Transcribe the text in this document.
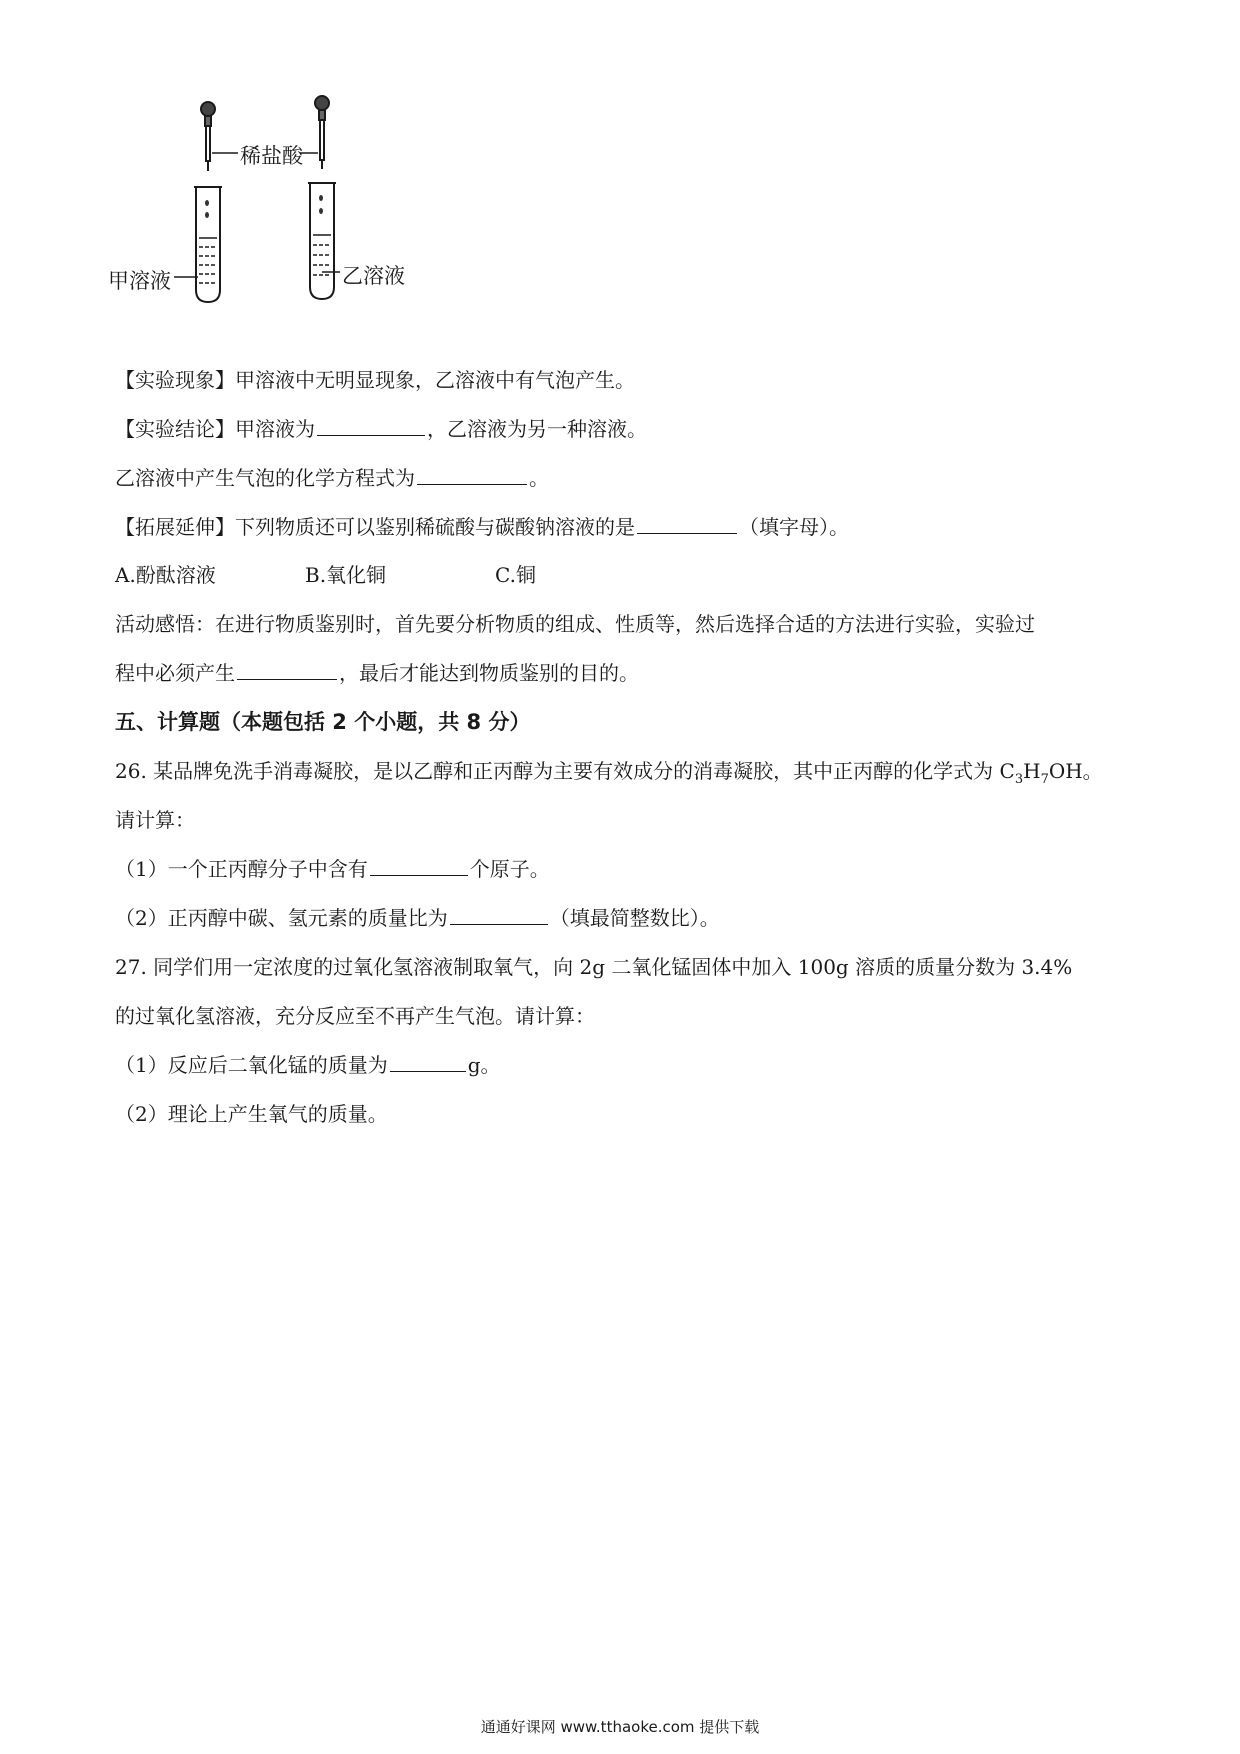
稀盐酸
甲溶液	乙溶液
【实验现象】甲溶液中无明显现象，乙溶液中有气泡产生。
【实验结论】甲溶液为	，乙溶液为另一种溶液。
乙溶液中产生气泡的化学方程式为	。
【拓展延伸】下列物质还可以鉴别稀硫酸与碳酸钠溶液的是	（填字母）。
A.酚酞溶液	B.氧化铜	C.铜
活动感悟：在进行物质鉴别时，首先要分析物质的组成、性质等，然后选择合适的方法进行实验，实验过
程中必须产生	，最后才能达到物质鉴别的目的。
五、计算题（本题包括 2 个小题，共 8 分）
26. 某品牌免洗手消毒凝胶，是以乙醇和正丙醇为主要有效成分的消毒凝胶，其中正丙醇的化学式为 $C_3H_7OH$。
请计算：
（1）一个正丙醇分子中含有	个原子。
（2）正丙醇中碳、氢元素的质量比为	（填最简整数比）。
27. 同学们用一定浓度的过氧化氢溶液制取氧气，向 2g 二氧化锰固体中加入 100g 溶质的质量分数为 3.4%
的过氧化氢溶液，充分反应至不再产生气泡。请计算：
（1）反应后二氧化锰的质量为	g。
（2）理论上产生氧气的质量。
通通好课网 www.tthaoke.com 提供下载
